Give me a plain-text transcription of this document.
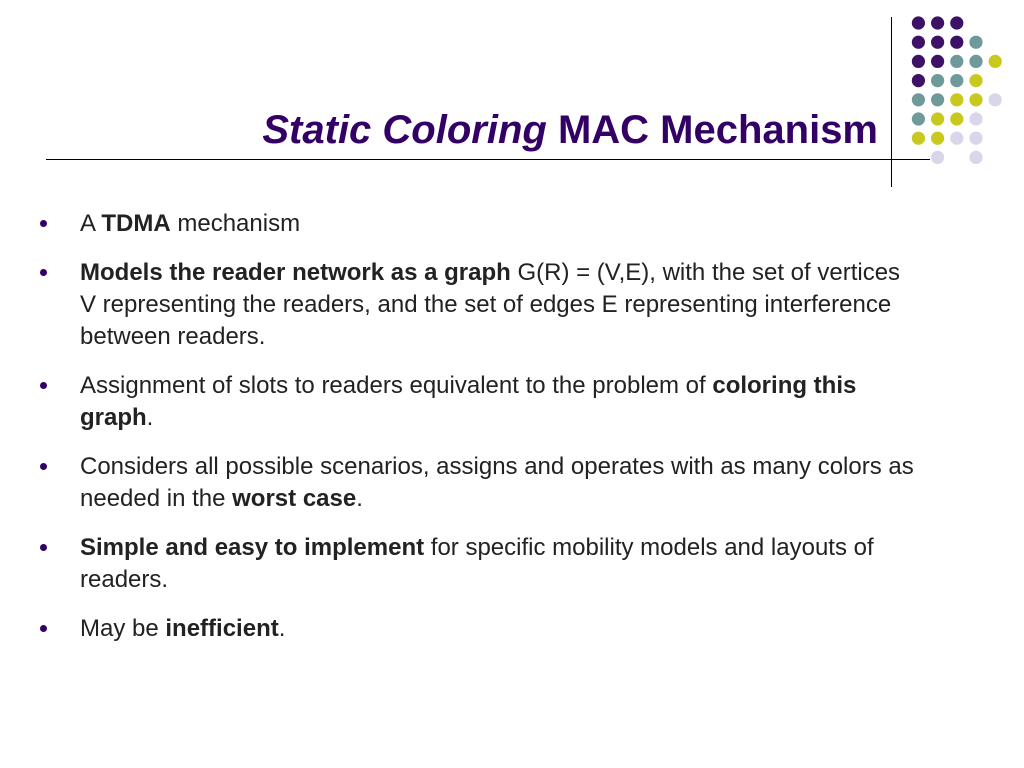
Static Coloring MAC Mechanism
A TDMA mechanism
Models the reader network as a graph G(R) = (V,E), with the set of vertices V representing the readers, and the set of edges E representing interference between readers.
Assignment of slots to readers equivalent to the problem of coloring this graph.
Considers all possible scenarios, assigns and operates with as many colors as needed in the worst case.
Simple and easy to implement for specific mobility models and layouts of readers.
May be inefficient.
